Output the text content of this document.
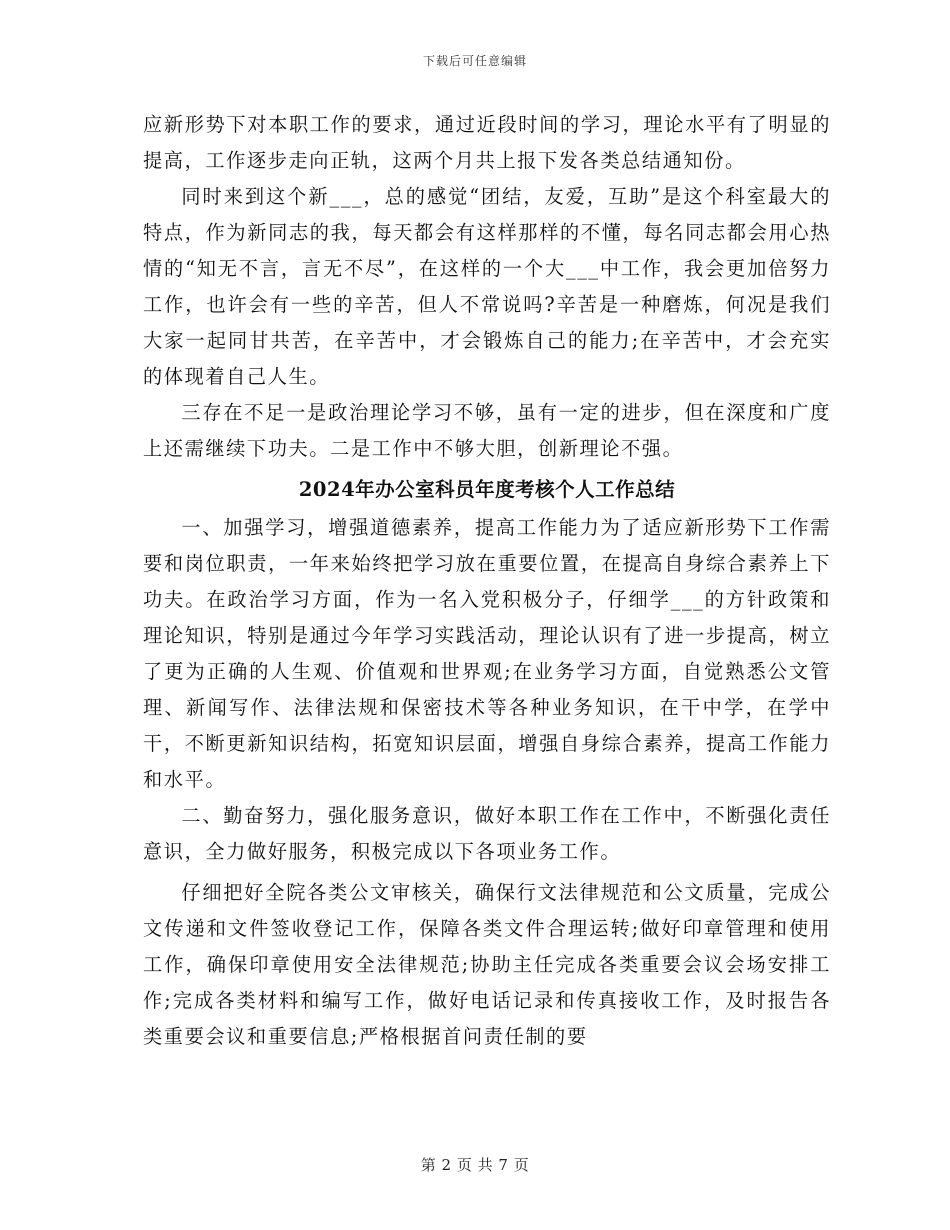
下载后可任意编辑

应新形势下对本职工作的要求，通过近段时间的学习，理论水平有了明显的提高，工作逐步走向正轨，这两个月共上报下发各类总结通知份。

同时来到这个新___，总的感觉“团结，友爱，互助”是这个科室最大的特点，作为新同志的我，每天都会有这样那样的不懂，每名同志都会用心热情的“知无不言，言无不尽”，在这样的一个大___中工作，我会更加倍努力工作，也许会有一些的辛苦，但人不常说吗?辛苦是一种磨炼，何况是我们大家一起同甘共苦，在辛苦中，才会锻炼自己的能力;在辛苦中，才会充实的体现着自己人生。

三存在不足一是政治理论学习不够，虽有一定的进步，但在深度和广度上还需继续下功夫。二是工作中不够大胆，创新理论不强。

2024年办公室科员年度考核个人工作总结

一、加强学习，增强道德素养，提高工作能力为了适应新形势下工作需要和岗位职责，一年来始终把学习放在重要位置，在提高自身综合素养上下功夫。在政治学习方面，作为一名入党积极分子，仔细学___的方针政策和理论知识，特别是通过今年学习实践活动，理论认识有了进一步提高，树立了更为正确的人生观、价值观和世界观;在业务学习方面，自觉熟悉公文管理、新闻写作、法律法规和保密技术等各种业务知识，在干中学，在学中干，不断更新知识结构，拓宽知识层面，增强自身综合素养，提高工作能力和水平。

二、勤奋努力，强化服务意识，做好本职工作在工作中，不断强化责任意识，全力做好服务，积极完成以下各项业务工作。

仔细把好全院各类公文审核关，确保行文法律规范和公文质量，完成公文传递和文件签收登记工作，保障各类文件合理运转;做好印章管理和使用工作，确保印章使用安全法律规范;协助主任完成各类重要会议会场安排工作;完成各类材料和编写工作，做好电话记录和传真接收工作，及时报告各类重要会议和重要信息;严格根据首问责任制的要

第 2 页 共 7 页
